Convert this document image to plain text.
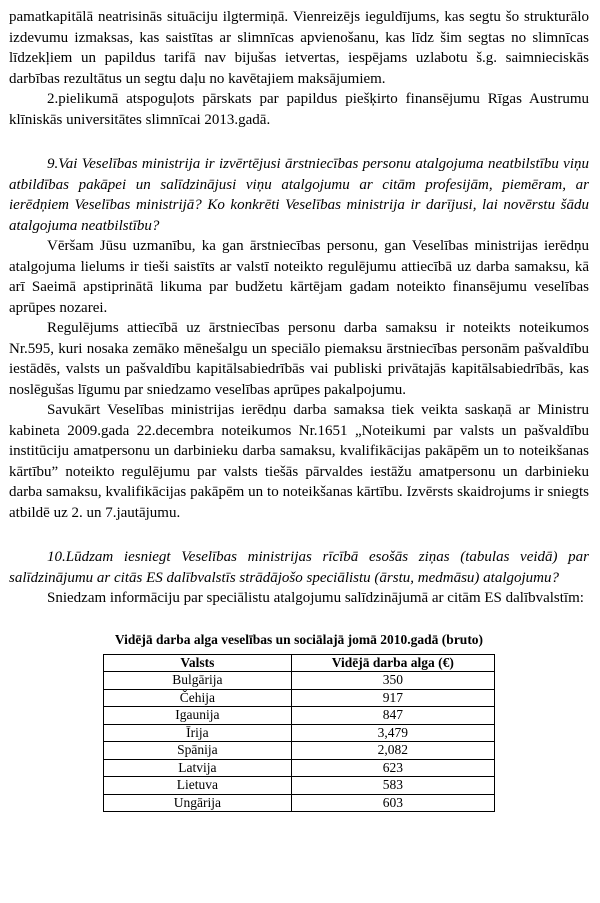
pamatkapitālā neatrisinās situāciju ilgtermiņā. Vienreizējs ieguldījums, kas segtu šo strukturālo izdevumu izmaksas, kas saistītas ar slimnīcas apvienošanu, kas līdz šim segtas no slimnīcas līdzekļiem un papildus tarifā nav bijušas ietvertas, iespējams uzlabotu š.g. saimnieciskās darbības rezultātus un segtu daļu no kavētajiem maksājumiem.

2.pielikumā atspoguļots pārskats par papildus piešķirto finansējumu Rīgas Austrumu klīniskās universitātes slimnīcai 2013.gadā.

9.Vai Veselības ministrija ir izvērtējusi ārstniecības personu atalgojuma neatbilstību viņu atbildības pakāpei un salīdzinājusi viņu atalgojumu ar citām profesijām, piemēram, ar ierēdņiem Veselības ministrijā? Ko konkrēti Veselības ministrija ir darījusi, lai novērstu šādu atalgojuma neatbilstību?

Vēršam Jūsu uzmanību, ka gan ārstniecības personu, gan Veselības ministrijas ierēdņu atalgojuma lielums ir tieši saistīts ar valstī noteikto regulējumu attiecībā uz darba samaksu, kā arī Saeimā apstiprinātā likuma par budžetu kārtējam gadam noteikto finansējumu veselības aprūpes nozarei.

Regulējums attiecībā uz ārstniecības personu darba samaksu ir noteikts noteikumos Nr.595, kuri nosaka zemāko mēnešalgu un speciālo piemaksu ārstniecības personām pašvaldību iestādēs, valsts un pašvaldību kapitālsabiedrībās vai publiski privātajās kapitālsabiedrībās, kas noslēgušas līgumu par sniedzamo veselības aprūpes pakalpojumu.

Savukārt Veselības ministrijas ierēdņu darba samaksa tiek veikta saskaņā ar Ministru kabineta 2009.gada 22.decembra noteikumos Nr.1651 „Noteikumi par valsts un pašvaldību institūciju amatpersonu un darbinieku darba samaksu, kvalifikācijas pakāpēm un to noteikšanas kārtību” noteikto regulējumu par valsts tiešās pārvaldes iestāžu amatpersonu un darbinieku darba samaksu, kvalifikācijas pakāpēm un to noteikšanas kārtību. Izvērsts skaidrojums ir sniegts atbildē uz 2. un 7.jautājumu.

10.Lūdzam iesniegt Veselības ministrijas rīcībā esošās ziņas (tabulas veidā) par salīdzinājumu ar citās ES dalībvalstīs strādājošo speciālistu (ārstu, medmāsu) atalgojumu?

Sniedzam informāciju par speciālistu atalgojumu salīdzinājumā ar citām ES dalībvalstīm:

Vidējā darba alga veselības un sociālajā jomā 2010.gadā (bruto)
Valsts	Vidējā darba alga (€)
Bulgārija	350
Čehija	917
Igaunija	847
Īrija	3,479
Spānija	2,082
Latvija	623
Lietuva	583
Ungārija	603
